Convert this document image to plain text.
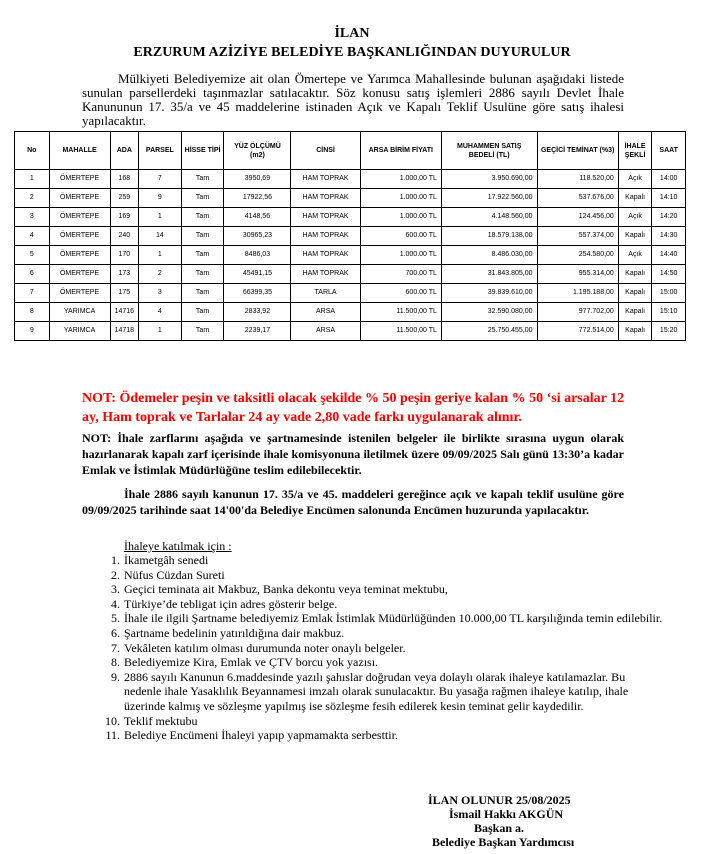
İLAN
ERZURUM AZİZİYE BELEDİYE BAŞKANLIĞINDAN DUYURULUR

Mülkiyeti Belediyemize ait olan Ömertepe ve Yarımca Mahallesinde bulunan aşağıdaki listede sunulan parsellerdeki taşınmazlar satılacaktır. Söz konusu satış işlemleri 2886 sayılı Devlet İhale Kanununun 17. 35/a ve 45 maddelerine istinaden Açık ve Kapalı Teklif Usulüne göre satış ihalesi yapılacaktır.

No	MAHALLE	ADA	PARSEL	HİSSE TİPİ	YÜZ ÖLÇÜMÜ (m2)	CİNSİ	ARSA BİRİM FİYATI	MUHAMMEN SATIŞ BEDELİ (TL)	GEÇİCİ TEMİNAT (%3)	İHALE ŞEKLİ	SAAT
1	ÖMERTEPE	168	7	Tam	3950,69	HAM TOPRAK	1.000.00 TL	3.950.690,00	118.520,00	Açık	14:00
2	ÖMERTEPE	259	9	Tam	17922,56	HAM TOPRAK	1.000.00 TL	17.922.560,00	537.676,00	Kapalı	14:10
3	ÖMERTEPE	169	1	Tam	4148,56	HAM TOPRAK	1.000.00 TL	4.148.560,00	124.456,00	Açık	14:20
4	ÖMERTEPE	240	14	Tam	30965,23	HAM TOPRAK	600.00 TL	18.579.138,00	557.374,00	Kapalı	14:30
5	ÖMERTEPE	170	1	Tam	8486,03	HAM TOPRAK	1.000.00 TL	8.486.030,00	254.580,00	Açık	14:40
6	ÖMERTEPE	173	2	Tam	45491,15	HAM TOPRAK	700.00 TL	31.843.805,00	955.314,00	Kapalı	14:50
7	ÖMERTEPE	175	3	Tam	66399,35	TARLA	600.00 TL	39.839.610,00	1.195.188,00	Kapalı	15:00
8	YARIMCA	14716	4	Tam	2833,92	ARSA	11.500,00 TL	32.590.080,00	977.702,00	Kapalı	15:10
9	YARIMCA	14718	1	Tam	2239,17	ARSA	11.500,00 TL	25.750.455,00	772.514,00	Kapalı	15:20
NOT: Ödemeler peşin ve taksitli olacak şekilde % 50 peşin geriye kalan % 50 ‘si arsalar 12 ay, Ham toprak ve Tarlalar 24 ay vade 2,80 vade farkı uygulanarak alınır.
NOT: İhale zarflarını aşağıda ve şartnamesinde istenilen belgeler ile birlikte sırasına uygun olarak hazırlanarak kapalı zarf içerisinde ihale komisyonuna iletilmek üzere 09/09/2025 Salı günü 13:30’a kadar Emlak ve İstimlak Müdürlüğüne teslim edilebilecektir.
İhale 2886 sayılı kanunun 17. 35/a ve 45. maddeleri gereğince açık ve kapalı teklif usulüne göre 09/09/2025 tarihinde saat 14'00'da Belediye Encümen salonunda Encümen huzurunda yapılacaktır.
İhaleye katılmak için :
1. İkametgâh senedi
2. Nüfus Cüzdan Sureti
3. Geçici teminata ait Makbuz, Banka dekontu veya teminat mektubu,
4. Türkiye’de tebligat için adres gösterir belge.
5. İhale ile ilgili Şartname belediyemiz Emlak İstimlak Müdürlüğünden 10.000,00 TL karşılığında temin edilebilir.
6. Şartname bedelinin yatırıldığına dair makbuz.
7. Vekâleten katılım olması durumunda noter onaylı belgeler.
8. Belediyemize Kira, Emlak ve ÇTV borcu yok yazısı.
9. 2886 sayılı Kanunun 6.maddesinde yazılı şahıslar doğrudan veya dolaylı olarak ihaleye katılamazlar. Bu nedenle ihale Yasaklılık Beyannamesi imzalı olarak sunulacaktır. Bu yasağa rağmen ihaleye katılıp, ihale üzerinde kalmış ve sözleşme yapılmış ise sözleşme fesih edilerek kesin teminat gelir kaydedilir.
10. Teklif mektubu
11. Belediye Encümeni İhaleyi yapıp yapmamakta serbesttir.
İLAN OLUNUR 25/08/2025
İsmail Hakkı AKGÜN
Başkan a.
Belediye Başkan Yardımcısı
